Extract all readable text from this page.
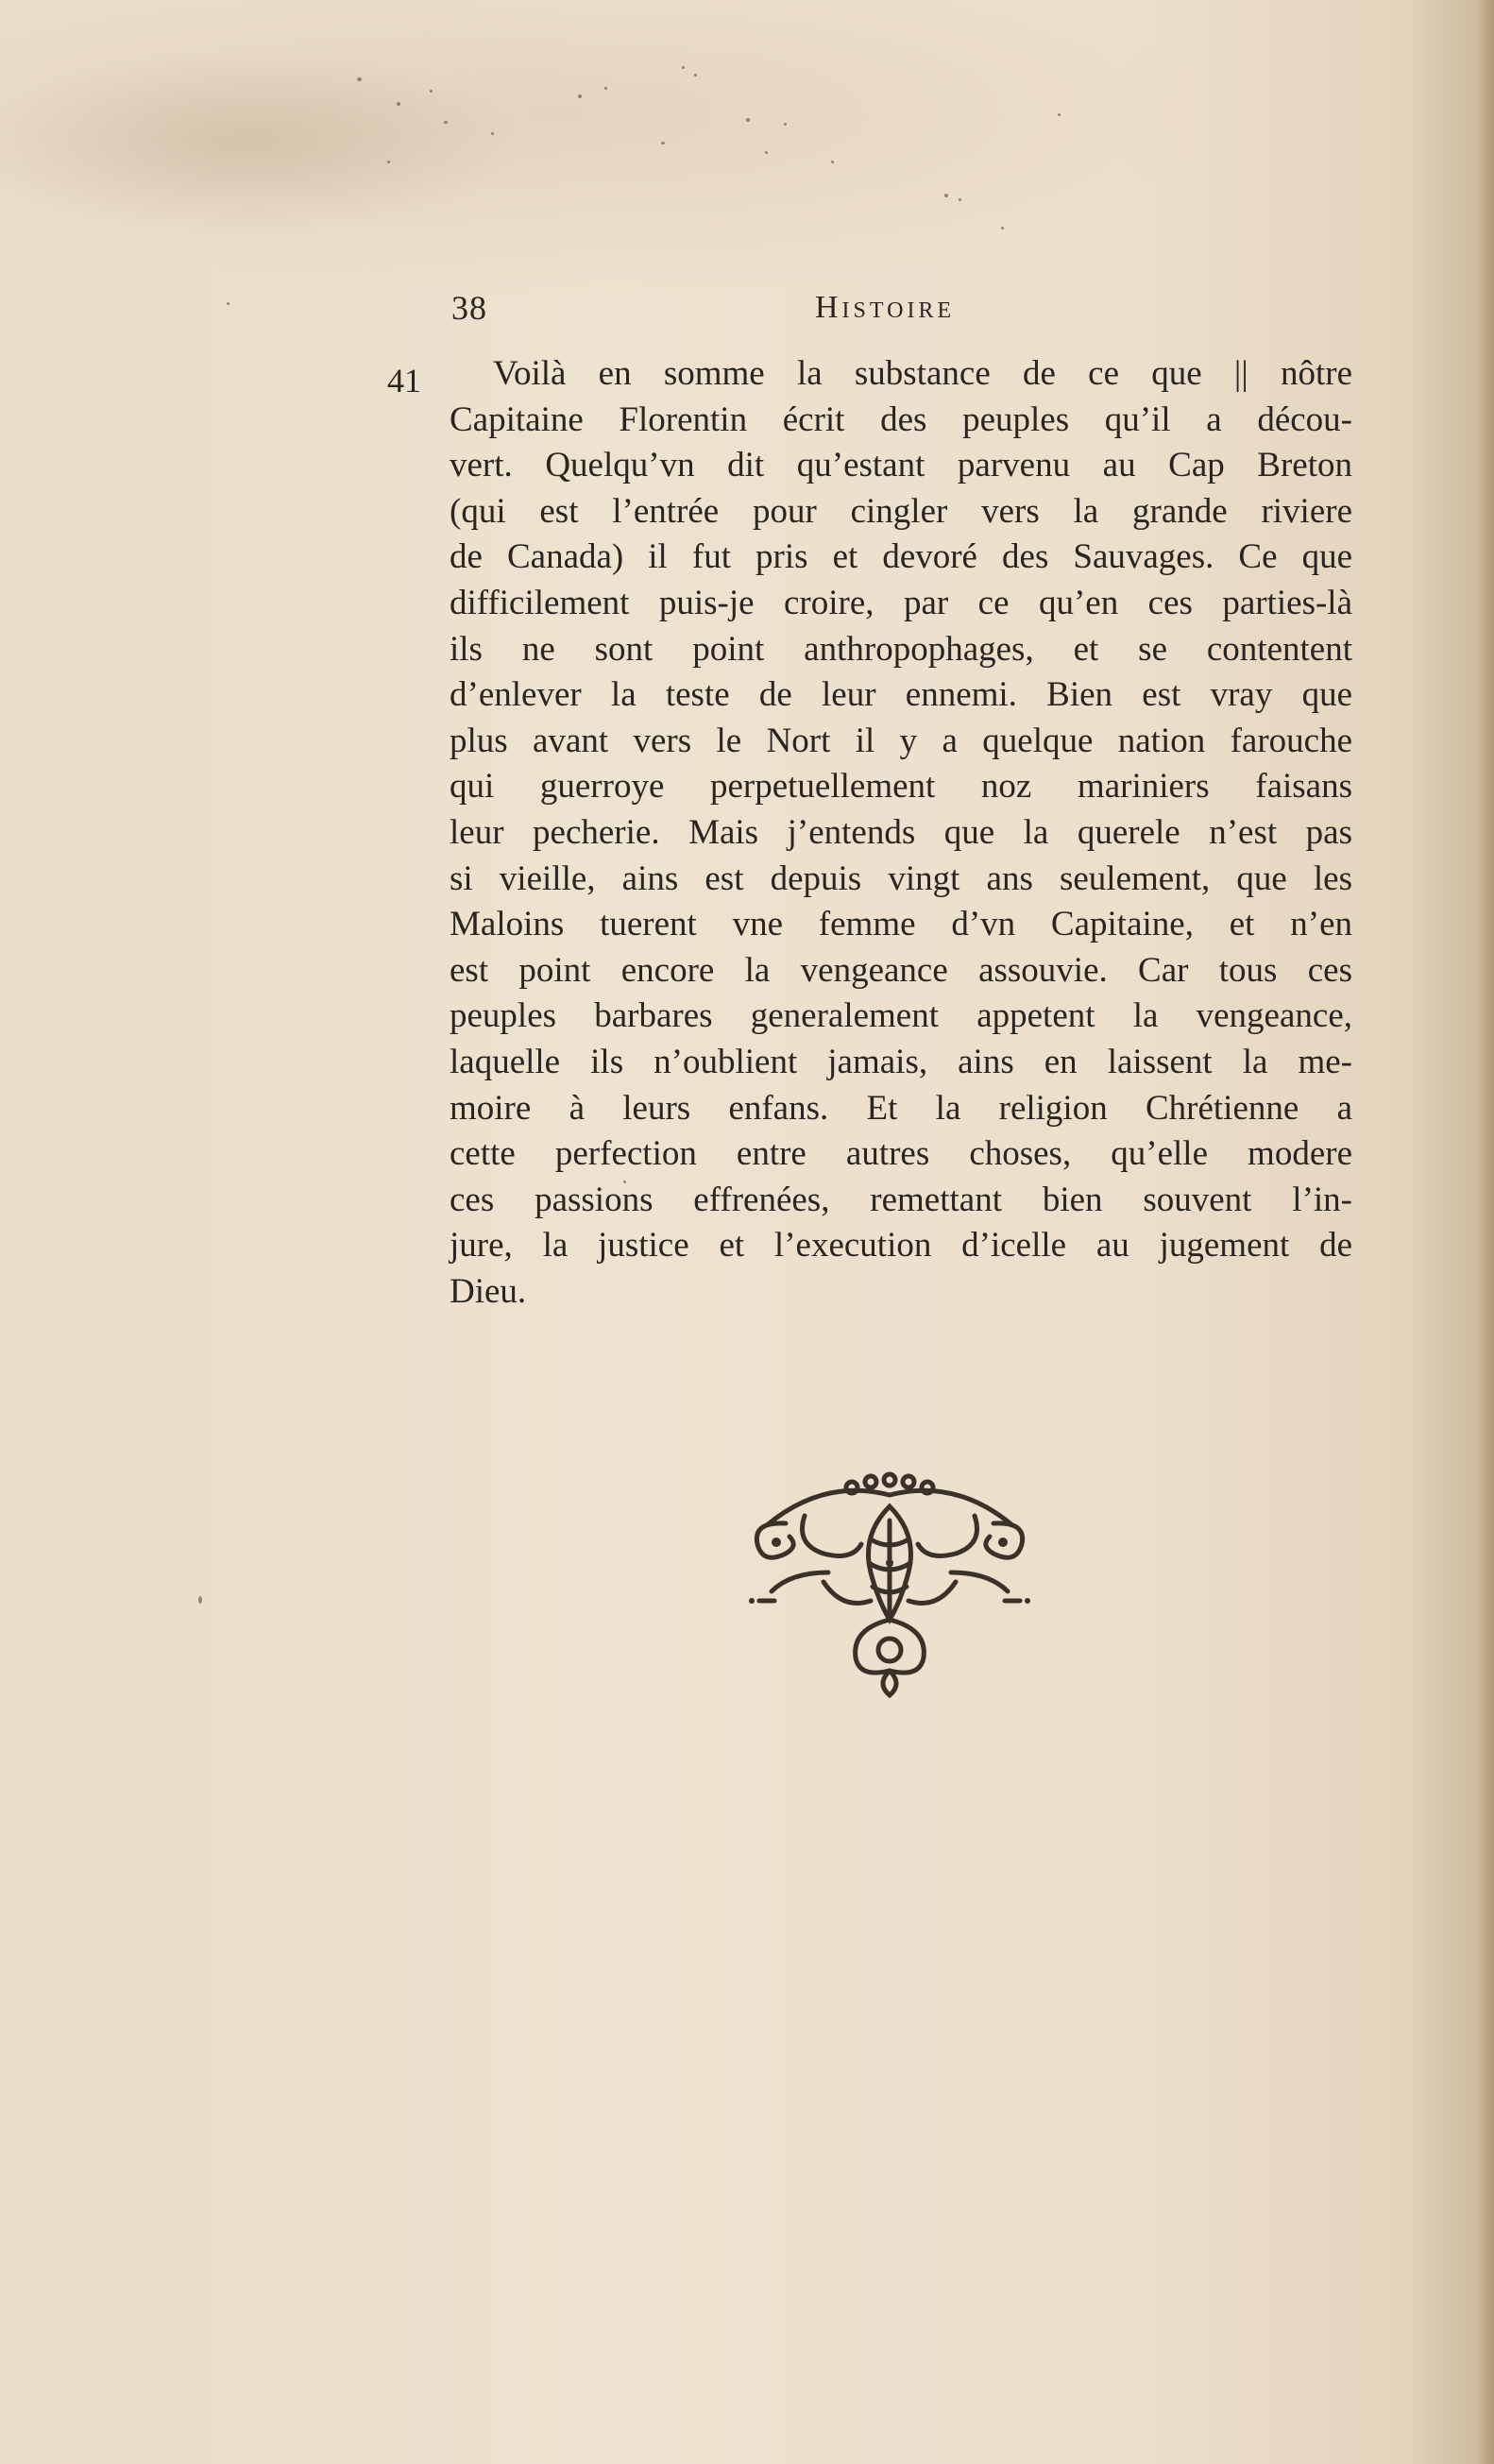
38	Histoire
41	Voilà en somme la substance de ce que || nôtre
Capitaine Florentin écrit des peuples qu’il a décou-
vert. Quelqu’vn dit qu’estant parvenu au Cap Breton
(qui est l’entrée pour cingler vers la grande riviere
de Canada) il fut pris et devoré des Sauvages. Ce que
difficilement puis-je croire, par ce qu’en ces parties-là
ils ne sont point anthropophages, et se contentent
d’enlever la teste de leur ennemi. Bien est vray que
plus avant vers le Nort il y a quelque nation farouche
qui guerroye perpetuellement noz mariniers faisans
leur pecherie. Mais j’entends que la querele n’est pas
si vieille, ains est depuis vingt ans seulement, que les
Maloins tuerent vne femme d’vn Capitaine, et n’en
est point encore la vengeance assouvie. Car tous ces
peuples barbares generalement appetent la vengeance,
laquelle ils n’oublient jamais, ains en laissent la me-
moire à leurs enfans. Et la religion Chrétienne a
cette perfection entre autres choses, qu’elle modere
ces passions effrenées, remettant bien souvent l’in-
jure, la justice et l’execution d’icelle au jugement de
Dieu.
